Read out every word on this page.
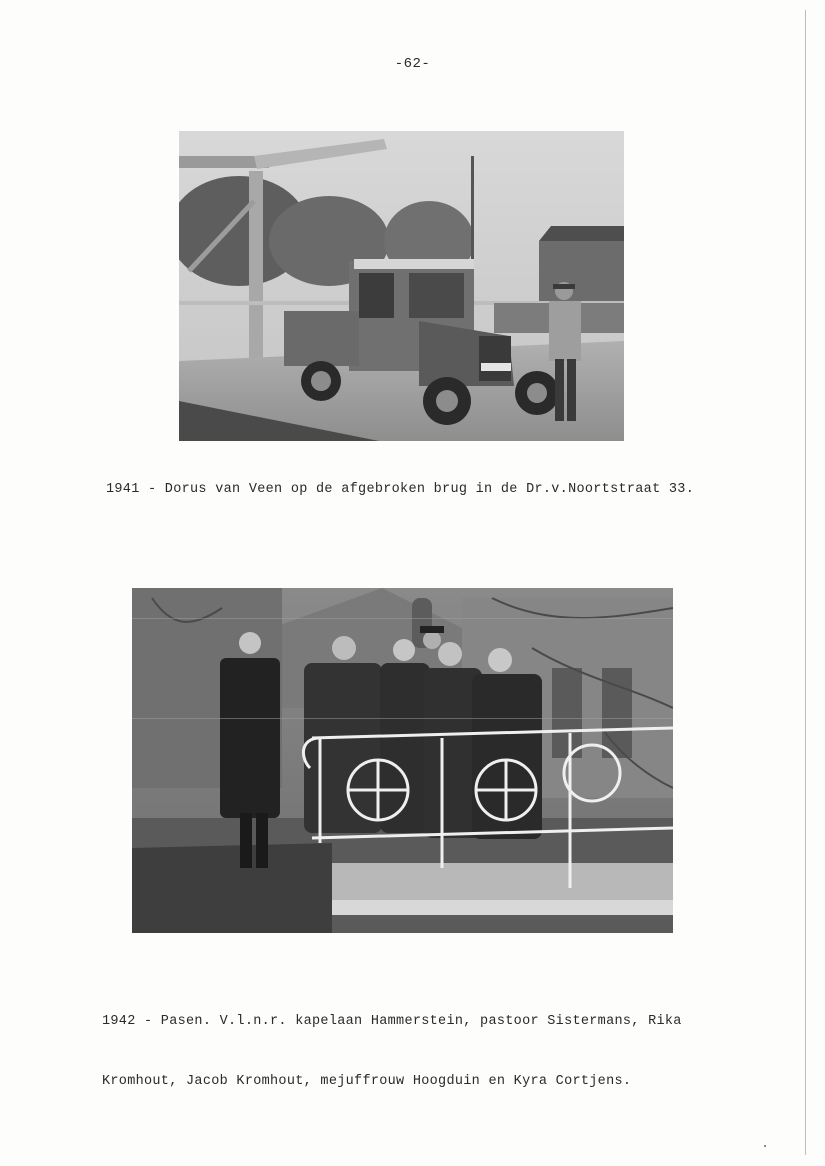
-62-
1941 - Dorus van Veen op de afgebroken brug in de Dr.v.Noortstraat 33.

1942 - Pasen. V.l.n.r. kapelaan Hammerstein, pastoor Sistermans, Rika

Kromhout, Jacob Kromhout, mejuffrouw Hoogduin en Kyra Cortjens.
